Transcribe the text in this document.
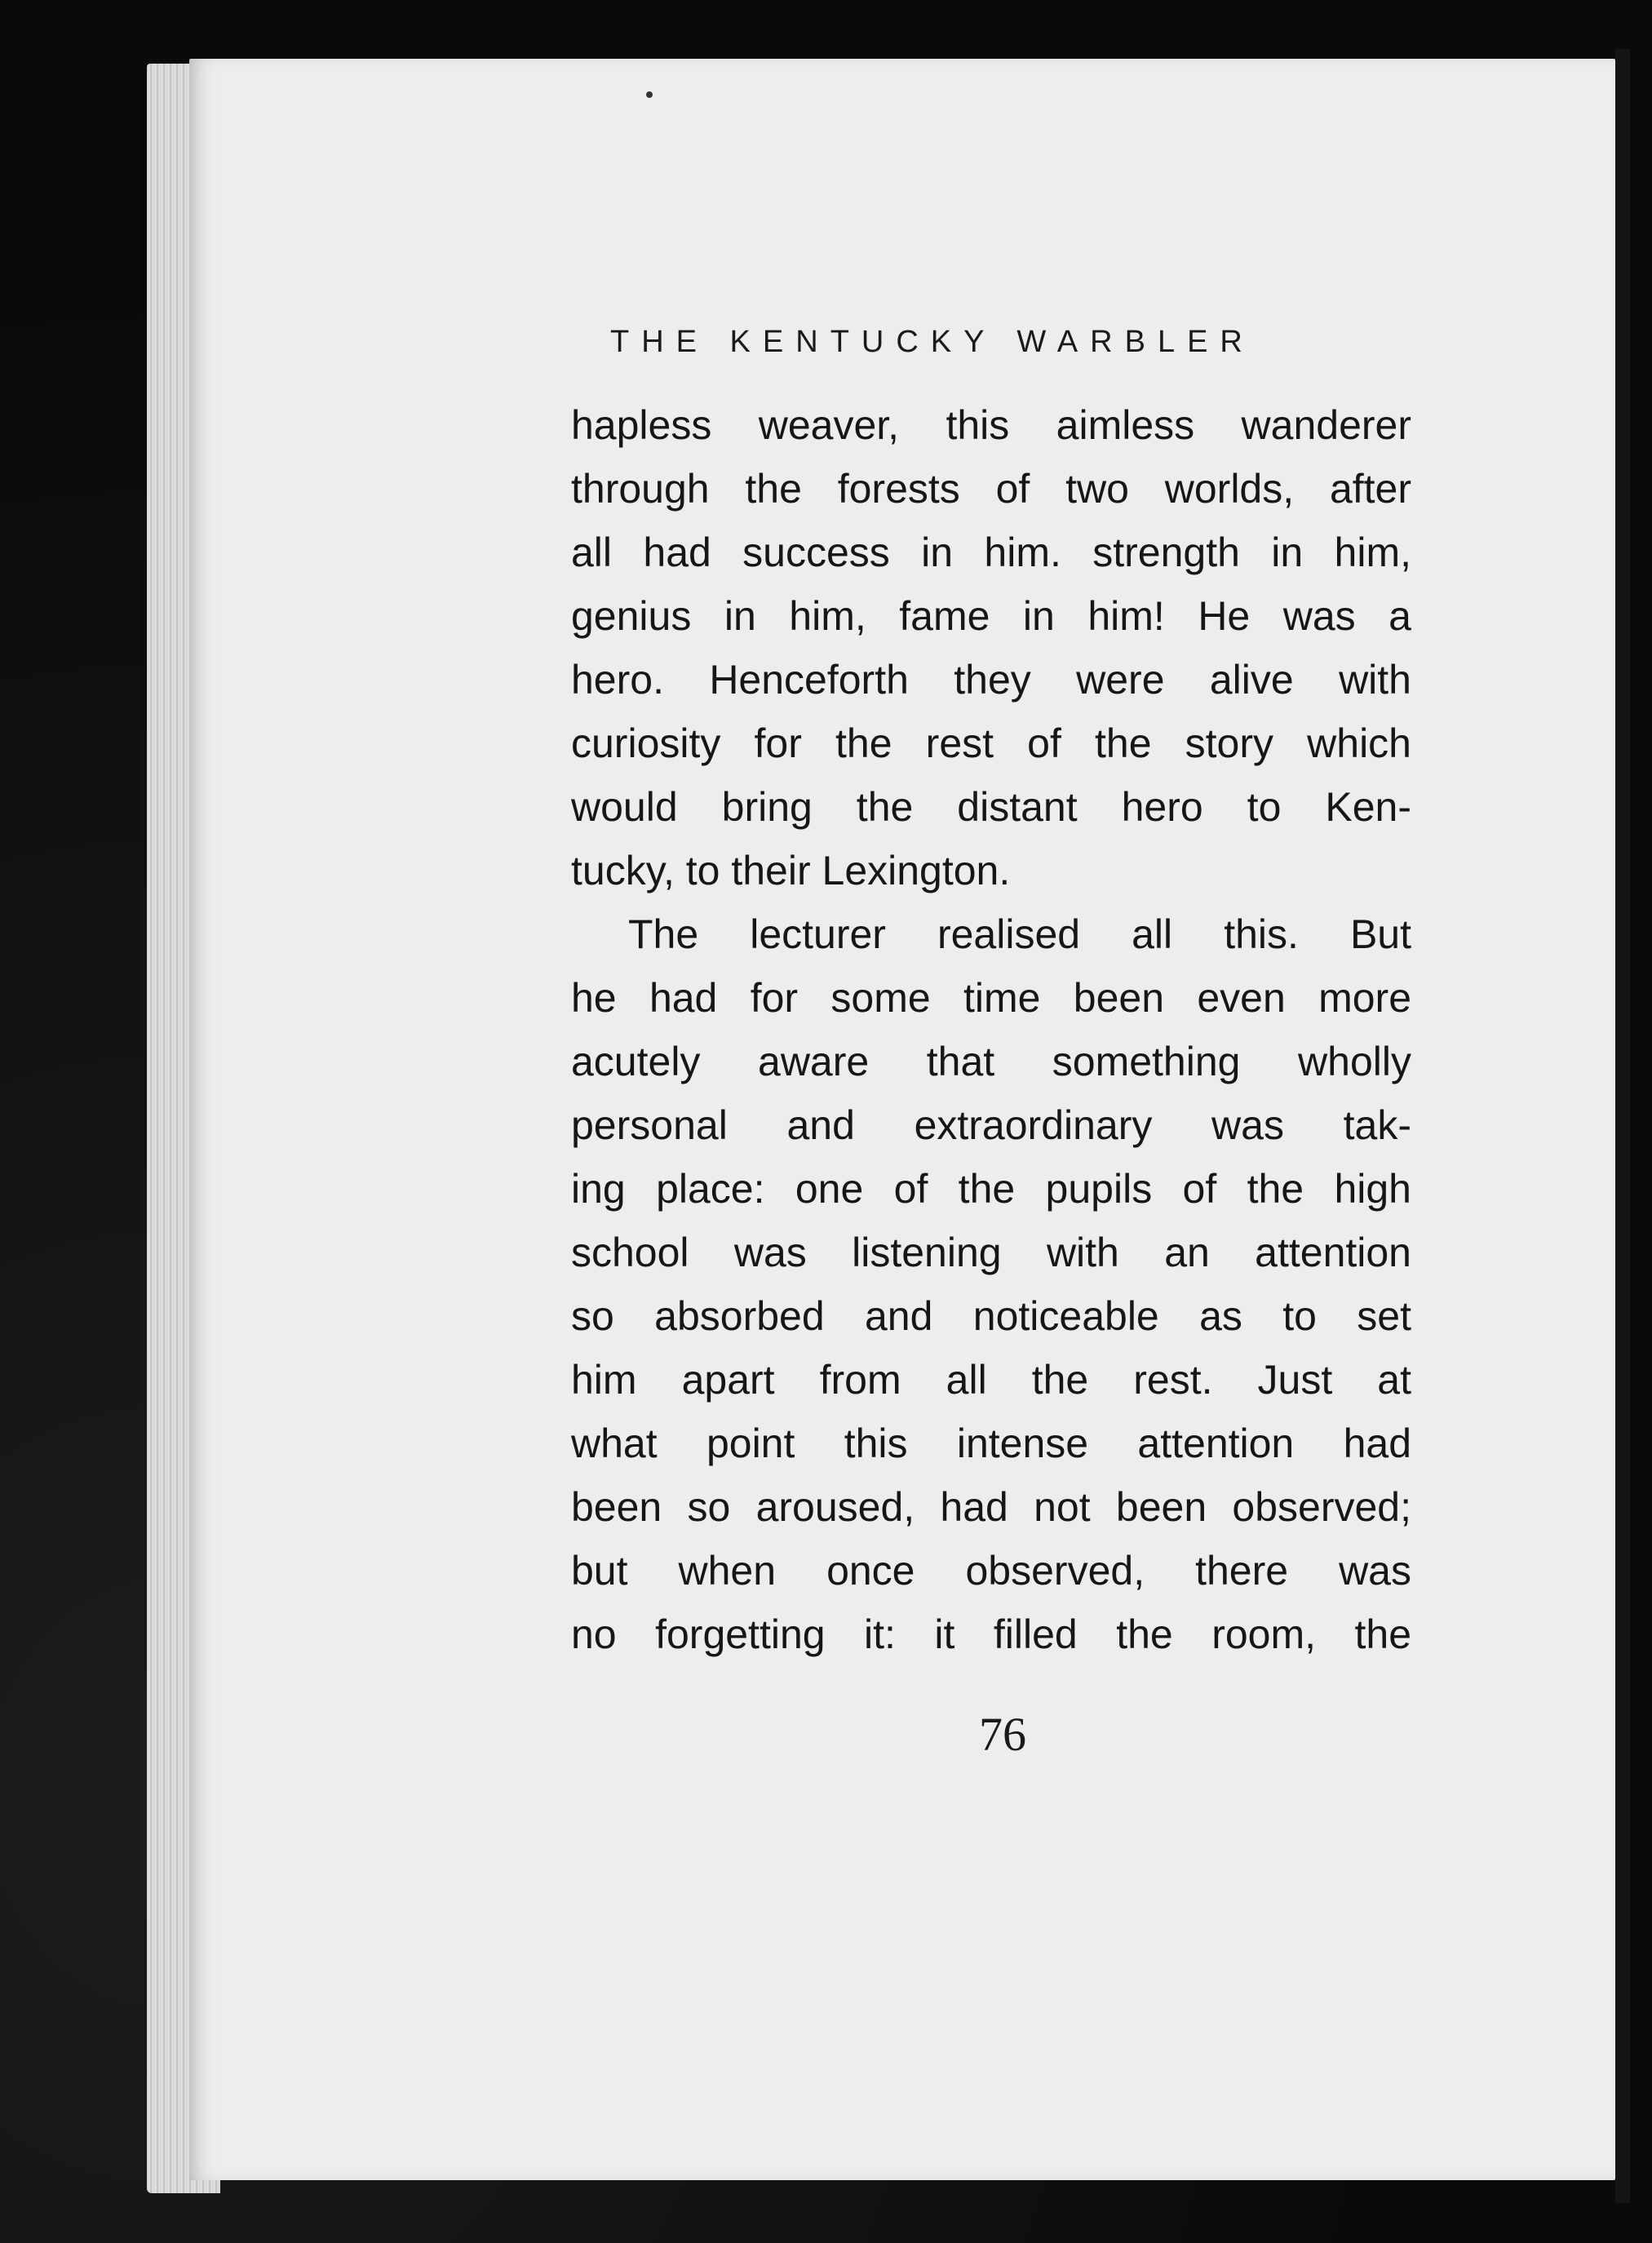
THE KENTUCKY WARBLER
hapless weaver, this aimless wanderer
through the forests of two worlds, after
all had success in him. strength in him,
genius in him, fame in him! He was a
hero. Henceforth they were alive with
curiosity for the rest of the story which
would bring the distant hero to Ken-
tucky, to their Lexington.
The lecturer realised all this. But
he had for some time been even more
acutely aware that something wholly
personal and extraordinary was tak-
ing place: one of the pupils of the high
school was listening with an attention
so absorbed and noticeable as to set
him apart from all the rest. Just at
what point this intense attention had
been so aroused, had not been observed;
but when once observed, there was
no forgetting it: it filled the room, the
76
